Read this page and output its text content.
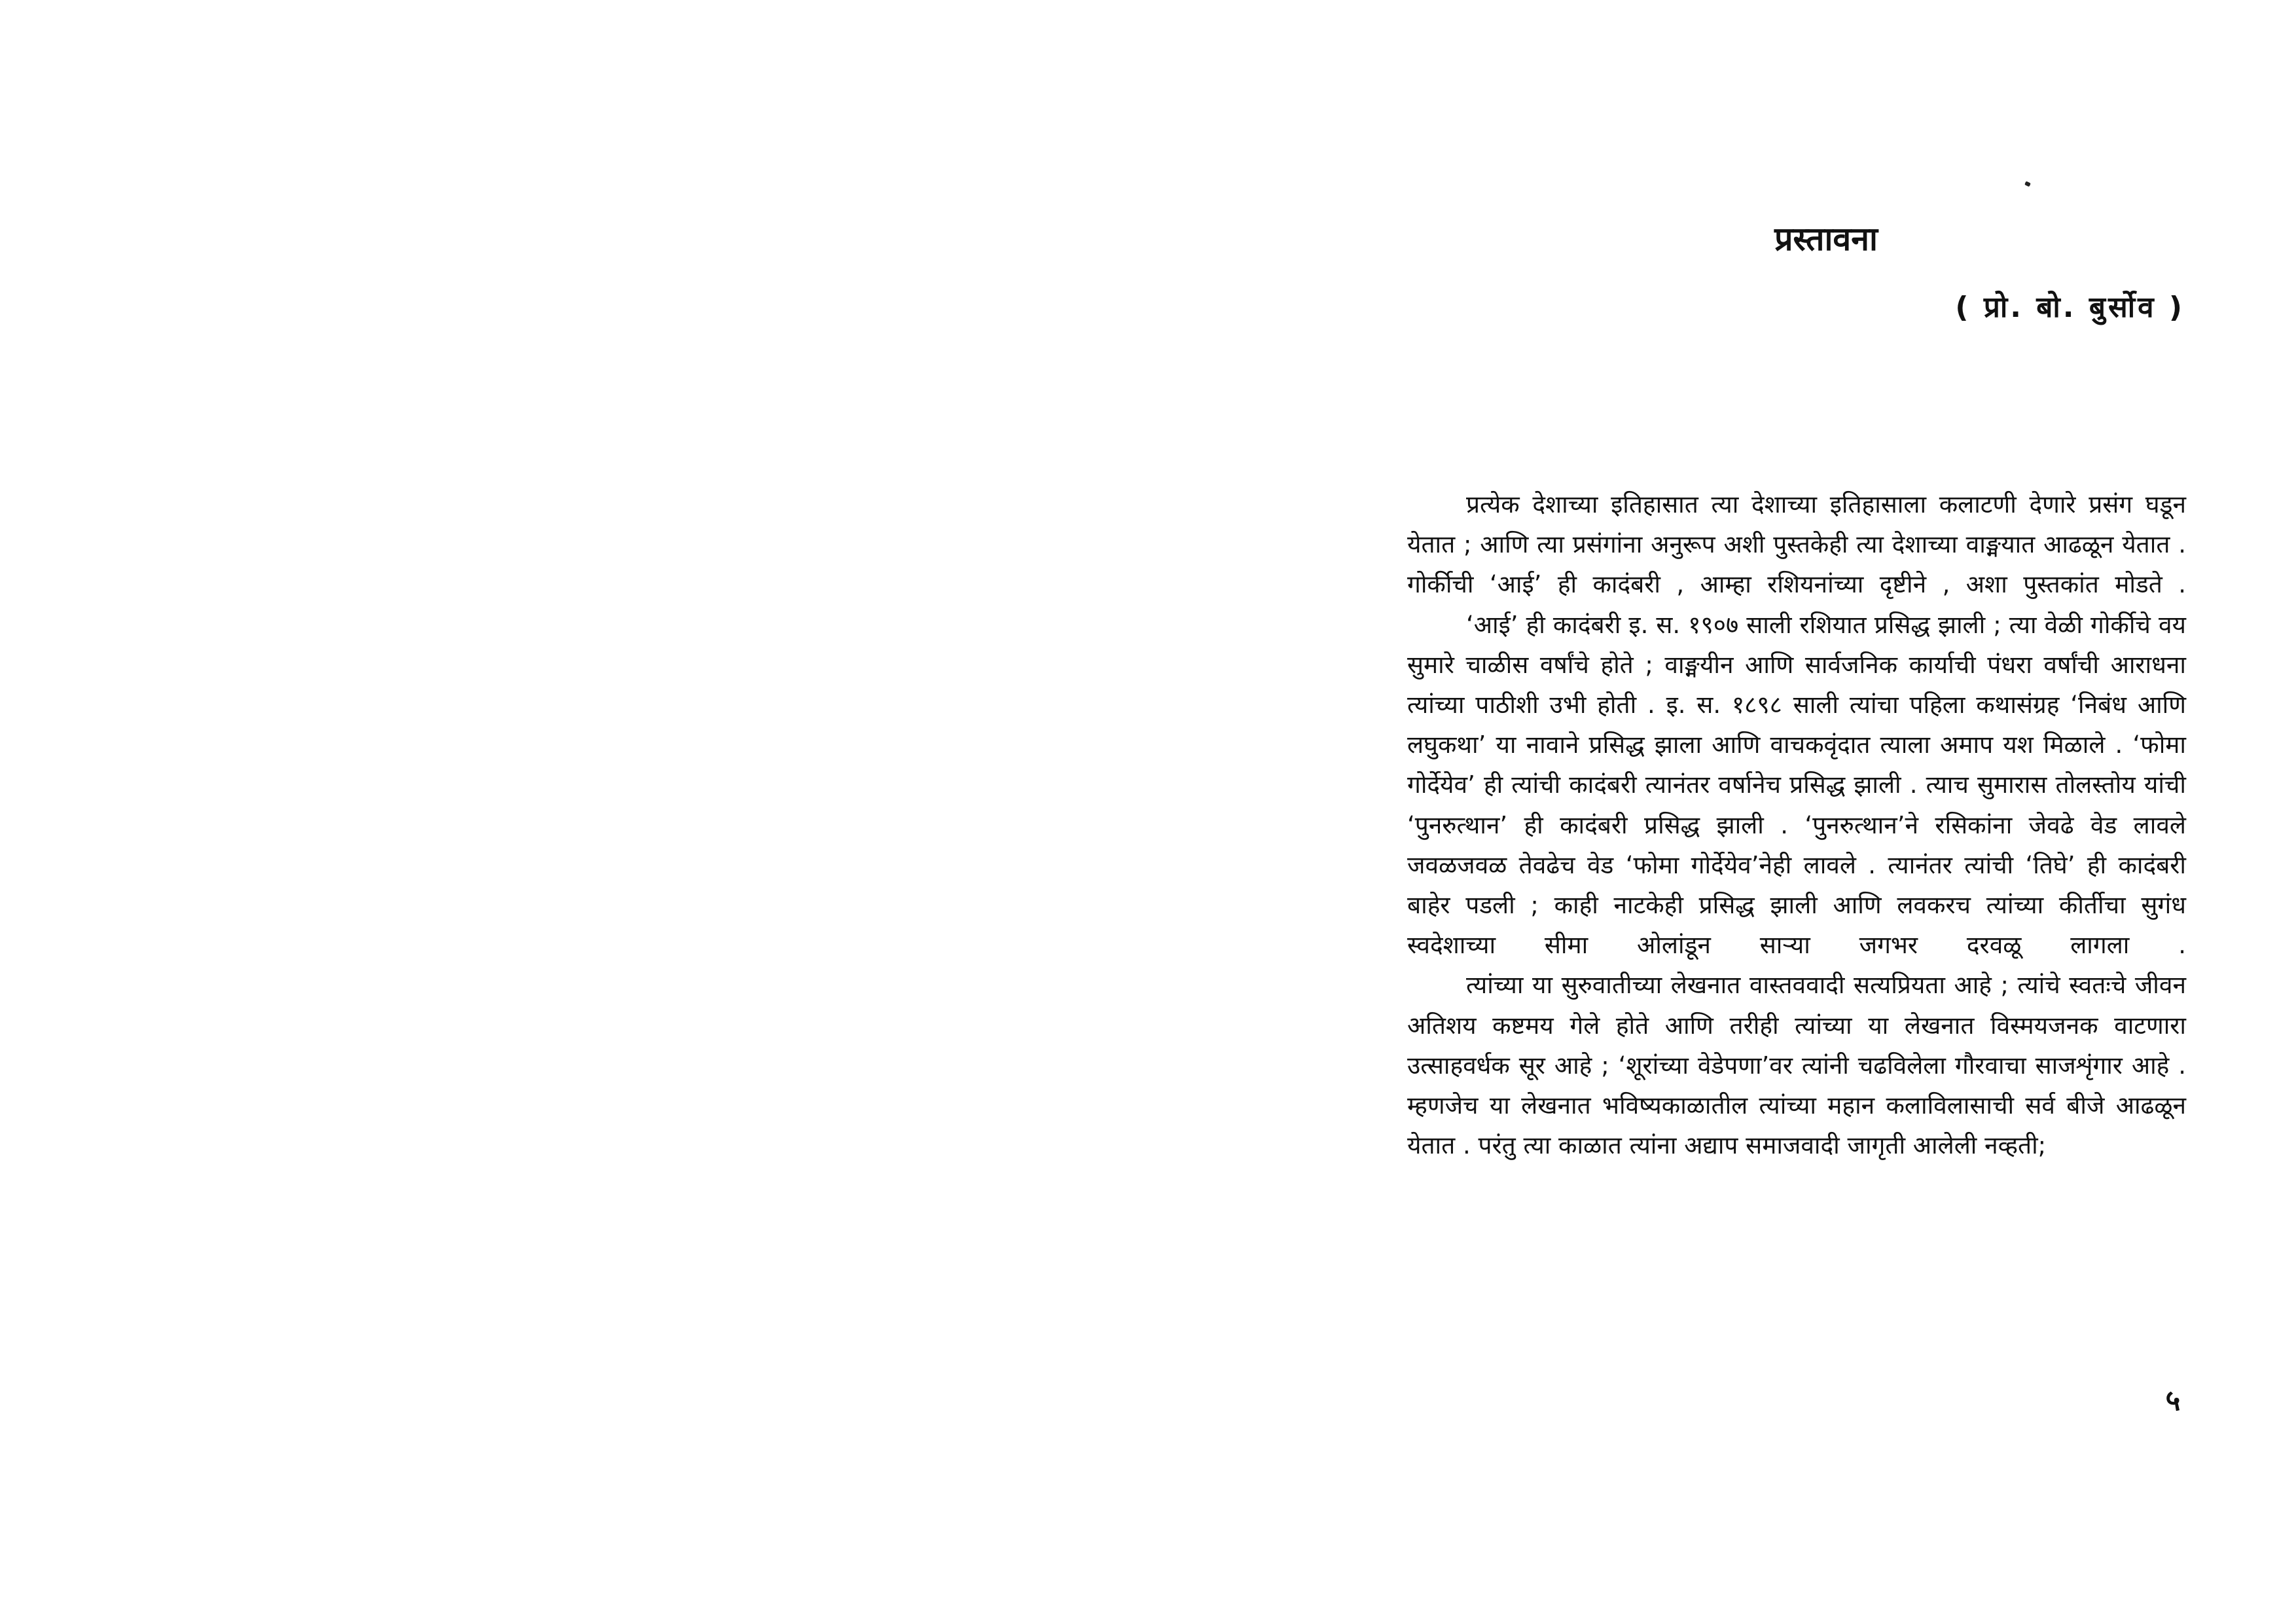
प्रस्तावना
( प्रो. बो. बुर्सोव )

प्रत्येक देशाच्या इतिहासात त्या देशाच्या इतिहासाला कलाटणी देणारे प्रसंग घडून येतात ; आणि त्या प्रसंगांना अनुरूप अशी पुस्तकेही त्या देशाच्या वाङ्मयात आढळून येतात . गोर्कीची ‘आई’ ही कादंबरी , आम्हा रशियनांच्या दृष्टीने , अशा पुस्तकांत मोडते .

‘आई’ ही कादंबरी इ. स. १९०७ साली रशियात प्रसिद्ध झाली ; त्या वेळी गोर्कीचे वय सुमारे चाळीस वर्षांचे होते ; वाङ्मयीन आणि सार्वजनिक कार्याची पंधरा वर्षांची आराधना त्यांच्या पाठीशी उभी होती . इ. स. १८९८ साली त्यांचा पहिला कथासंग्रह ‘निबंध आणि लघुकथा’ या नावाने प्रसिद्ध झाला आणि वाचकवृंदात त्याला अमाप यश मिळाले . ‘फोमा गोर्देयेव’ ही त्यांची कादंबरी त्यानंतर वर्षानेच प्रसिद्ध झाली . त्याच सुमारास तोलस्तोय यांची ‘पुनरुत्थान’ ही कादंबरी प्रसिद्ध झाली . ‘पुनरुत्थान’ने रसिकांना जेवढे वेड लावले जवळजवळ तेवढेच वेड ‘फोमा गोर्देयेव’नेही लावले . त्यानंतर त्यांची ‘तिघे’ ही कादंबरी बाहेर पडली ; काही नाटकेही प्रसिद्ध झाली आणि लवकरच त्यांच्या कीर्तीचा सुगंध स्वदेशाच्या सीमा ओलांडून साऱ्या जगभर दरवळू लागला .

त्यांच्या या सुरुवातीच्या लेखनात वास्तववादी सत्यप्रियता आहे ; त्यांचे स्वतःचे जीवन अतिशय कष्टमय गेले होते आणि तरीही त्यांच्या या लेखनात विस्मयजनक वाटणारा उत्साहवर्धक सूर आहे ; ‘शूरांच्या वेडेपणा’वर त्यांनी चढविलेला गौरवाचा साजशृंगार आहे . म्हणजेच या लेखनात भविष्यकाळातील त्यांच्या महान कलाविलासाची सर्व बीजे आढळून येतात . परंतु त्या काळात त्यांना अद्याप समाजवादी जागृती आलेली नव्हती;

५
